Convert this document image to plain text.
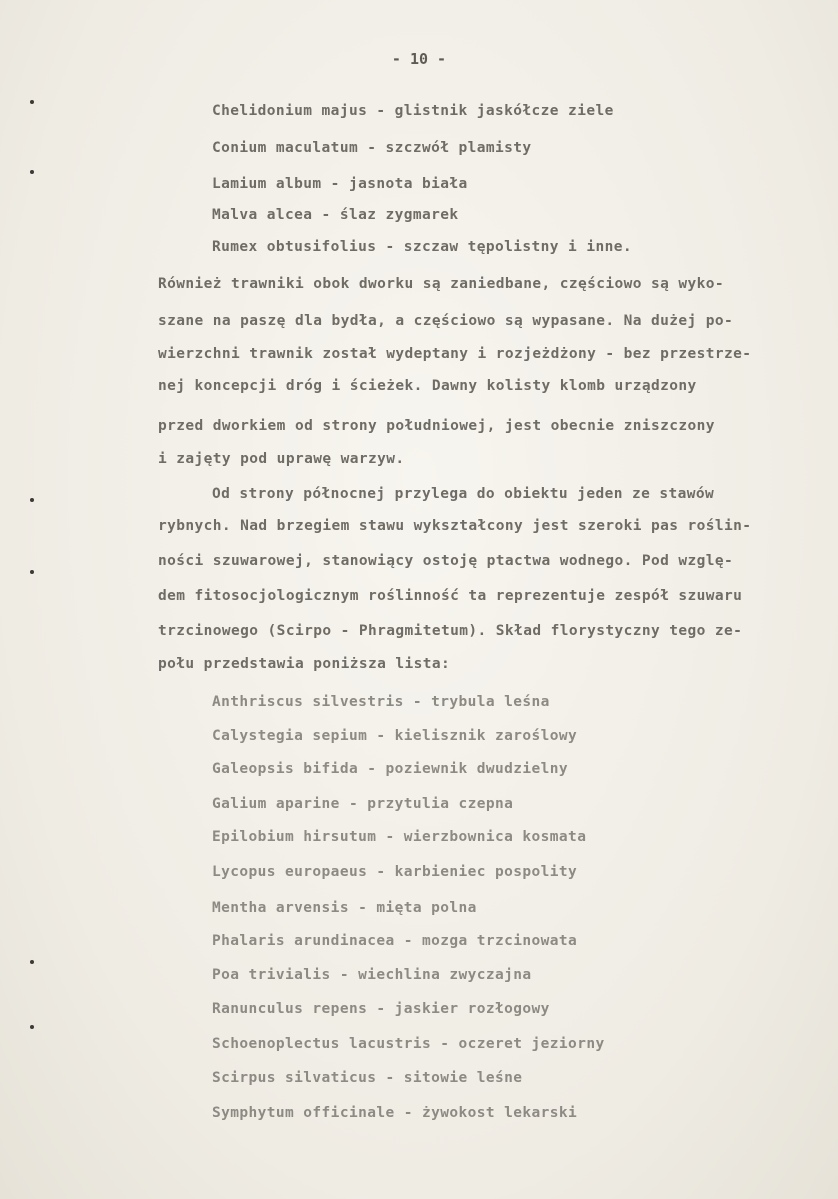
- 10 -
Chelidonium majus - glistnik jaskółcze ziele
Conium maculatum - szczwół plamisty
Lamium album - jasnota biała
Malva alcea - ślaz zygmarek
Rumex obtusifolius - szczaw tępolistny i inne.
Również trawniki obok dworku są zaniedbane, częściowo są wyko-
szane na paszę dla bydła, a częściowo są wypasane. Na dużej po-
wierzchni trawnik został wydeptany i rozjeżdżony - bez przestrze-
nej koncepcji dróg i ścieżek. Dawny kolisty klomb urządzony
przed dworkiem od strony południowej, jest obecnie zniszczony
i zajęty pod uprawę warzyw.
Od strony północnej przylega do obiektu jeden ze stawów
rybnych. Nad brzegiem stawu wykształcony jest szeroki pas roślin-
ności szuwarowej, stanowiący ostoję ptactwa wodnego. Pod wzglę-
dem fitosocjologicznym roślinność ta reprezentuje zespół szuwaru
trzcinowego (Scirpo - Phragmitetum). Skład florystyczny tego ze-
połu przedstawia poniższa lista:
Anthriscus silvestris - trybula leśna
Calystegia sepium - kielisznik zaroślowy
Galeopsis bifida - poziewnik dwudzielny
Galium aparine - przytulia czepna
Epilobium hirsutum - wierzbownica kosmata
Lycopus europaeus - karbieniec pospolity
Mentha arvensis - mięta polna
Phalaris arundinacea - mozga trzcinowata
Poa trivialis - wiechlina zwyczajna
Ranunculus repens - jaskier rozłogowy
Schoenoplectus lacustris - oczeret jeziorny
Scirpus silvaticus - sitowie leśne
Symphytum officinale - żywokost lekarski
